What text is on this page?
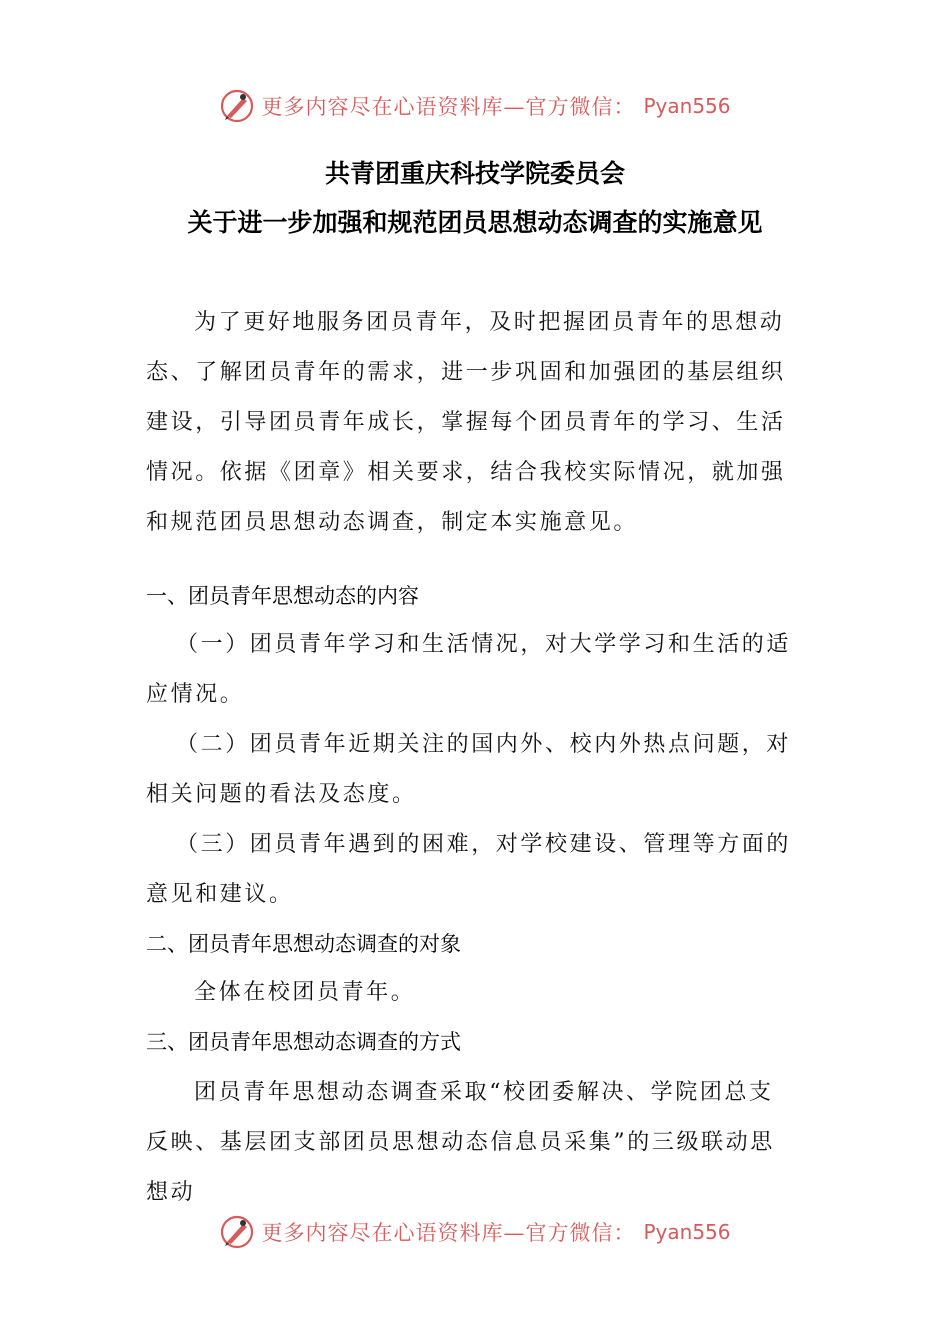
更多内容尽在心语资料库—官方微信： Pyan556
共青团重庆科技学院委员会
关于进一步加强和规范团员思想动态调查的实施意见

为了更好地服务团员青年，及时把握团员青年的思想动态、了解团员青年的需求，进一步巩固和加强团的基层组织建设，引导团员青年成长，掌握每个团员青年的学习、生活情况。依据《团章》相关要求，结合我校实际情况，就加强和规范团员思想动态调查，制定本实施意见。

一、团员青年思想动态的内容

（一）团员青年学习和生活情况，对大学学习和生活的适应情况。

（二）团员青年近期关注的国内外、校内外热点问题，对相关问题的看法及态度。

（三）团员青年遇到的困难，对学校建设、管理等方面的意见和建议。

二、团员青年思想动态调查的对象

全体在校团员青年。

三、团员青年思想动态调查的方式

团员青年思想动态调查采取“校团委解决、学院团总支反映、基层团支部团员思想动态信息员采集”的三级联动思想动

更多内容尽在心语资料库—官方微信： Pyan556
